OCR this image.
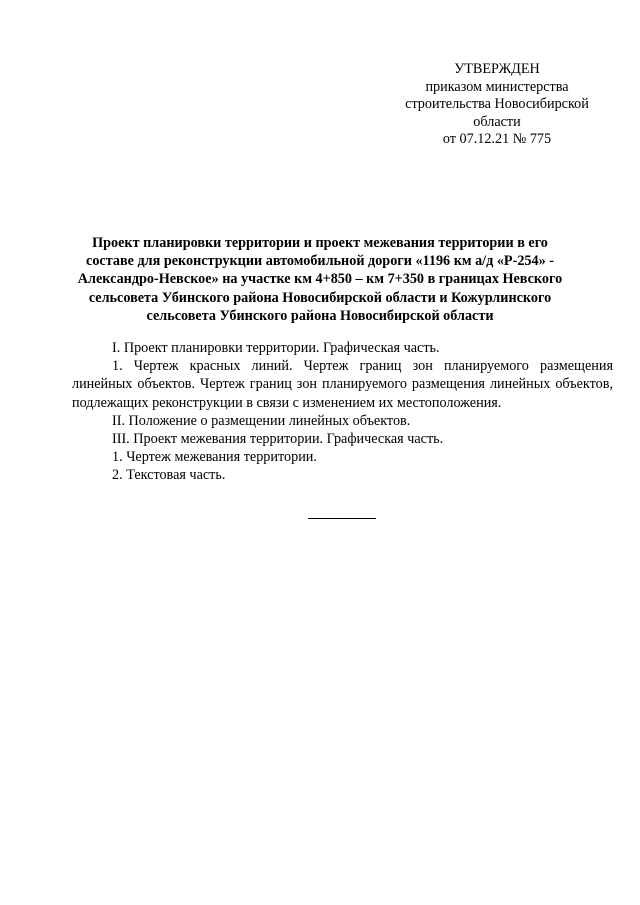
УТВЕРЖДЕН
приказом министерства
строительства Новосибирской
области
от 07.12.21 № 775
Проект планировки территории и проект межевания территории в его
составе для реконструкции автомобильной дороги «1196 км а/д «Р-254» -
Александро-Невское» на участке км 4+850 – км 7+350 в границах Невского
сельсовета Убинского района Новосибирской области и Кожурлинского
сельсовета Убинского района Новосибирской области

I. Проект планировки территории. Графическая часть.

1. Чертеж красных линий. Чертеж границ зон планируемого размещения линейных объектов. Чертеж границ зон планируемого размещения линейных объектов, подлежащих реконструкции в связи с изменением их местоположения.

II. Положение о размещении линейных объектов.

III. Проект межевания территории. Графическая часть.

1. Чертеж межевания территории.

2. Текстовая часть.
